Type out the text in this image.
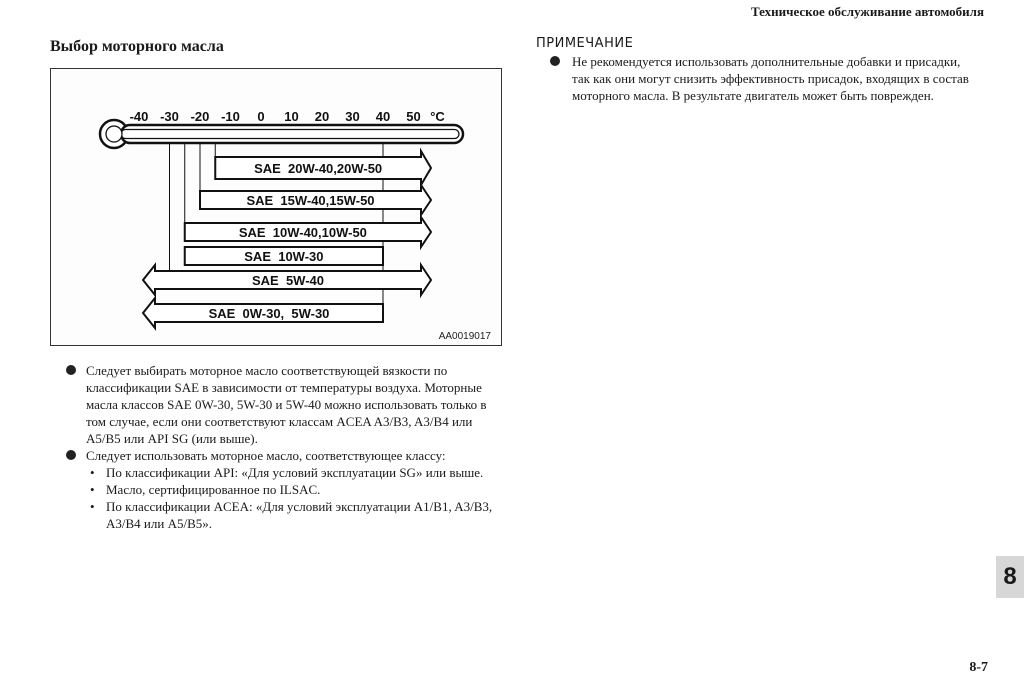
Техническое обслуживание автомобиля
Выбор моторного масла
-40 -30 -20 -10 0 10 20 30 40 50 °C
SAE  20W-40,20W-50
SAE  15W-40,15W-50
SAE  10W-40,10W-50
SAE  10W-30
SAE  5W-40
SAE  0W-30,  5W-30
AA0019017
Следует выбирать моторное масло соответствующей вязкости по классификации SAE в зависимости от температуры воздуха. Моторные масла классов SAE 0W-30, 5W-30 и 5W-40 можно использовать только в том случае, если они соответствуют классам ACEA A3/B3, A3/B4 или A5/B5 или API SG (или выше).
Следует использовать моторное масло, соответствующее классу:
• По классификации API: «Для условий эксплуатации SG» или выше.
• Масло, сертифицированное по ILSAC.
• По классификации ACEA: «Для условий эксплуатации A1/B1, A3/B3, A3/B4 или A5/B5».
ПРИМЕЧАНИЕ
Не рекомендуется использовать дополнительные добавки и присадки, так как они могут снизить эффективность присадок, входящих в состав моторного масла. В результате двигатель может быть поврежден.
8
8-7
